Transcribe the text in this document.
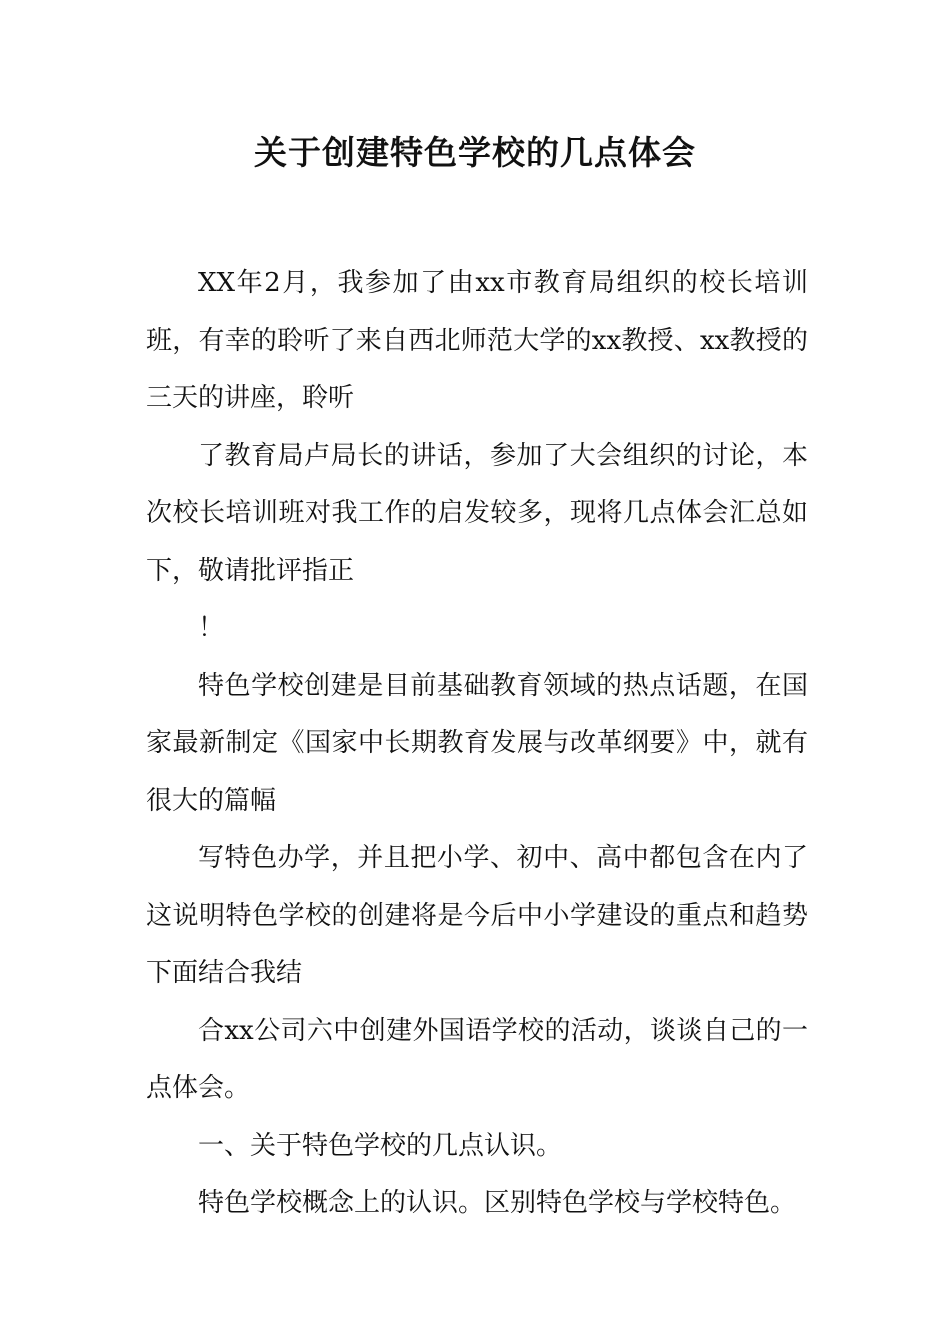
关于创建特色学校的几点体会

XX年2月，我参加了由xx市教育局组织的校长培训班，有幸的聆听了来自西北师范大学的xx教授、xx教授的三天的讲座，聆听

了教育局卢局长的讲话，参加了大会组织的讨论，本次校长培训班对我工作的启发较多，现将几点体会汇总如下，敬请批评指正

！

特色学校创建是目前基础教育领域的热点话题，在国家最新制定《国家中长期教育发展与改革纲要》中，就有很大的篇幅

写特色办学，并且把小学、初中、高中都包含在内了这说明特色学校的创建将是今后中小学建设的重点和趋势下面结合我结

合xx公司六中创建外国语学校的活动，谈谈自己的一点体会。

一、关于特色学校的几点认识。

特色学校概念上的认识。区别特色学校与学校特色。
